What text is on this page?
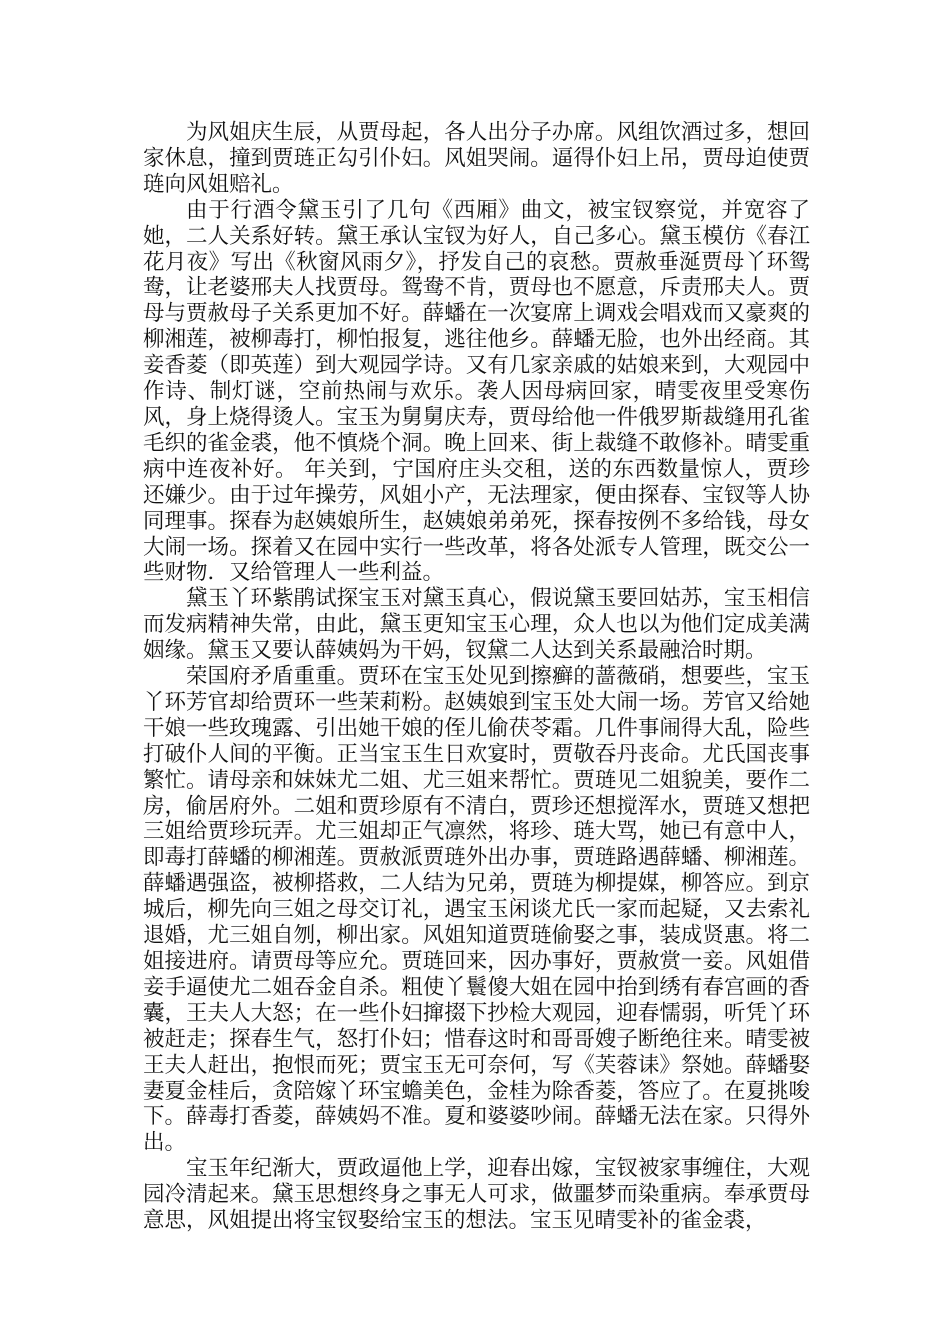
为风姐庆生辰，从贾母起，各人出分子办席。风组饮酒过多，想回家休息，撞到贾琏正勾引仆妇。风姐哭闹。逼得仆妇上吊，贾母迫使贾琏向风姐赔礼。

由于行酒令黛玉引了几句《西厢》曲文，被宝钗察觉，并宽容了她，二人关系好转。黛王承认宝钗为好人，自己多心。黛玉模仿《春江花月夜》写出《秋窗风雨夕》，抒发自己的哀愁。贾赦垂涎贾母丫环鸳鸯，让老婆邢夫人找贾母。鸳鸯不肯，贾母也不愿意，斥责邢夫人。贾母与贾赦母子关系更加不好。薛蟠在一次宴席上调戏会唱戏而又豪爽的柳湘莲，被柳毒打，柳怕报复，逃往他乡。薛蟠无脸，也外出经商。其妾香菱（即英莲）到大观园学诗。又有几家亲戚的姑娘来到，大观园中作诗、制灯谜，空前热闹与欢乐。袭人因母病回家，晴雯夜里受寒伤风，身上烧得烫人。宝玉为舅舅庆寿，贾母给他一件俄罗斯裁缝用孔雀毛织的雀金裘，他不慎烧个洞。晚上回来、街上裁缝不敢修补。晴雯重病中连夜补好。 年关到，宁国府庄头交租，送的东西数量惊人，贾珍还嫌少。由于过年操劳，风姐小产，无法理家，便由探春、宝钗等人协同理事。探春为赵姨娘所生，赵姨娘弟弟死，探春按例不多给钱，母女大闹一场。探着又在园中实行一些改革，将各处派专人管理，既交公一些财物．又给管理人一些利益。

黛玉丫环紫鹃试探宝玉对黛玉真心，假说黛玉要回姑苏，宝玉相信而发病精神失常，由此，黛玉更知宝玉心理，众人也以为他们定成美满姻缘。黛玉又要认薛姨妈为干妈，钗黛二人达到关系最融洽时期。

荣国府矛盾重重。贾环在宝玉处见到擦癣的蔷薇硝，想要些，宝玉丫环芳官却给贾环一些茉莉粉。赵姨娘到宝玉处大闹一场。芳官又给她干娘一些玫瑰露、引出她干娘的侄儿偷茯苓霜。几件事闹得大乱，险些打破仆人间的平衡。正当宝玉生日欢宴时，贾敬吞丹丧命。尤氏国丧事繁忙。请母亲和妹妹尤二姐、尤三姐来帮忙。贾琏见二姐貌美，要作二房，偷居府外。二姐和贾珍原有不清白，贾珍还想搅浑水，贾琏又想把三姐给贾珍玩弄。尤三姐却正气凛然，将珍、琏大骂，她已有意中人，即毒打薛蟠的柳湘莲。贾赦派贾琏外出办事，贾琏路遇薛蟠、柳湘莲。薛蟠遇强盗，被柳搭救，二人结为兄弟，贾琏为柳提媒，柳答应。到京城后，柳先向三姐之母交订礼，遇宝玉闲谈尤氏一家而起疑，又去索礼退婚，尤三姐自刎，柳出家。风姐知道贾琏偷娶之事，装成贤惠。将二姐接进府。请贾母等应允。贾琏回来，因办事好，贾赦赏一妾。风姐借妾手逼使尤二姐吞金自杀。粗使丫鬟傻大姐在园中抬到绣有春宫画的香囊，王夫人大怒；在一些仆妇撺掇下抄检大观园，迎春懦弱，听凭丫环被赶走；探春生气，怒打仆妇；惜春这时和哥哥嫂子断绝往来。晴雯被王夫人赶出，抱恨而死；贾宝玉无可奈何，写《芙蓉诔》祭她。薛蟠娶妻夏金桂后，贪陪嫁丫环宝蟾美色，金桂为除香菱，答应了。在夏挑唆下。薛毒打香菱，薛姨妈不准。夏和婆婆吵闹。薛蟠无法在家。只得外出。

宝玉年纪渐大，贾政逼他上学，迎春出嫁，宝钗被家事缠住，大观园冷清起来。黛玉思想终身之事无人可求，做噩梦而染重病。奉承贾母意思，风姐提出将宝钗娶给宝玉的想法。宝玉见晴雯补的雀金裘，
